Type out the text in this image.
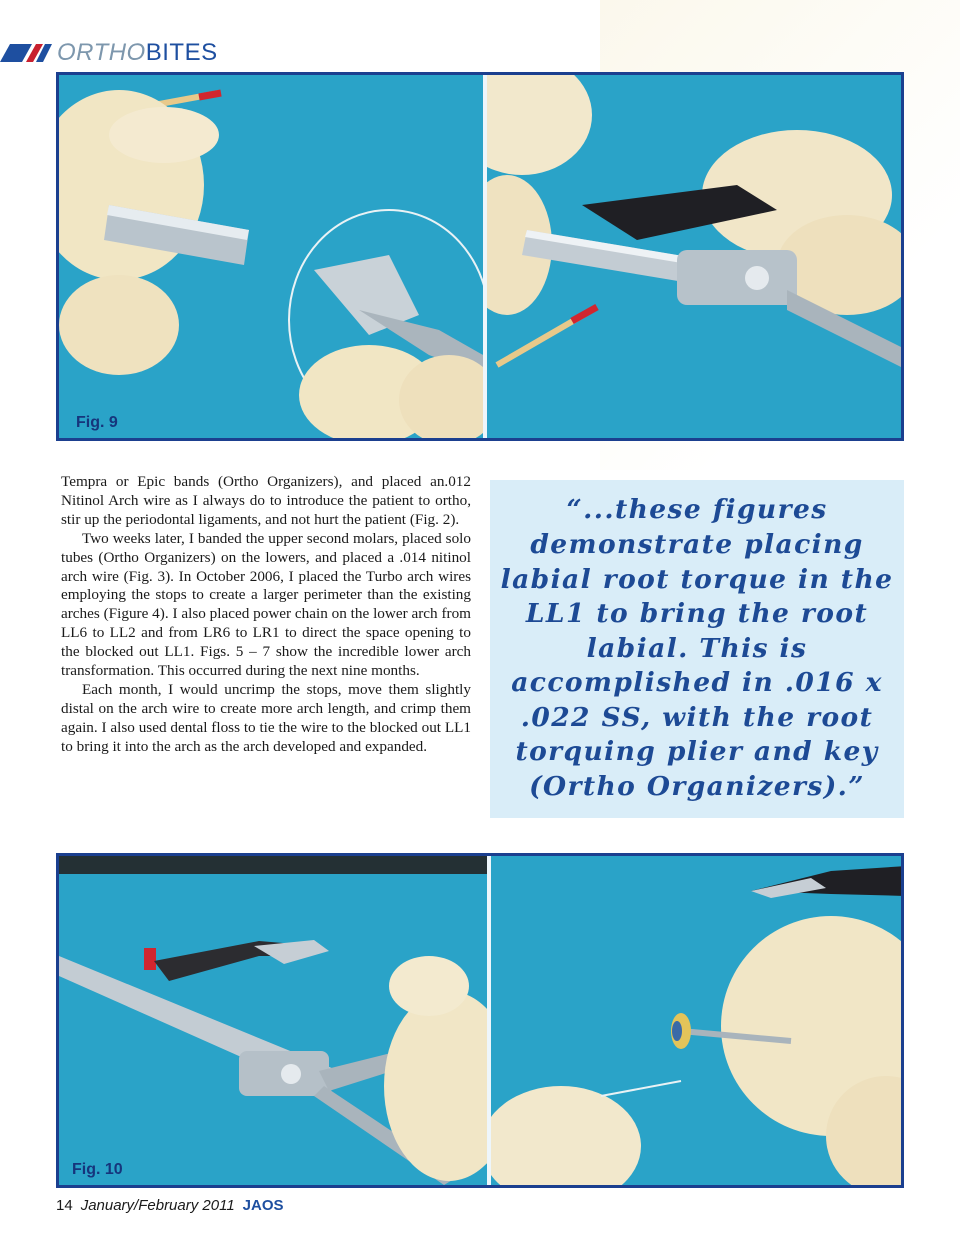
ORTHOBITES
Fig. 9

Tempra or Epic bands (Ortho Organizers), and placed an.012 Nitinol Arch wire as I always do to introduce the patient to ortho, stir up the periodontal ligaments, and not hurt the patient (Fig. 2).

Two weeks later, I banded the upper second molars, placed solo tubes (Ortho Organizers) on the lowers, and placed a .014 nitinol arch wire (Fig. 3). In October 2006, I placed the Turbo arch wires employing the stops to create a larger perimeter than the existing arches (Figure 4). I also placed power chain on the lower arch from LL6 to LL2 and from LR6 to LR1 to direct the space opening to the blocked out LL1. Figs. 5 – 7 show the incredible lower arch transformation. This occurred during the next nine months.

Each month, I would uncrimp the stops, move them slightly distal on the arch wire to create more arch length, and crimp them again. I also used dental floss to tie the wire to the blocked out LL1 to bring it into the arch as the arch developed and expanded.

“...these figures demonstrate placing labial root torque in the LL1 to bring the root labial. This is accomplished in .016 x .022 SS, with the root torquing plier and key (Ortho Organizers).”
Fig. 10
14 January/February 2011 JAOS
